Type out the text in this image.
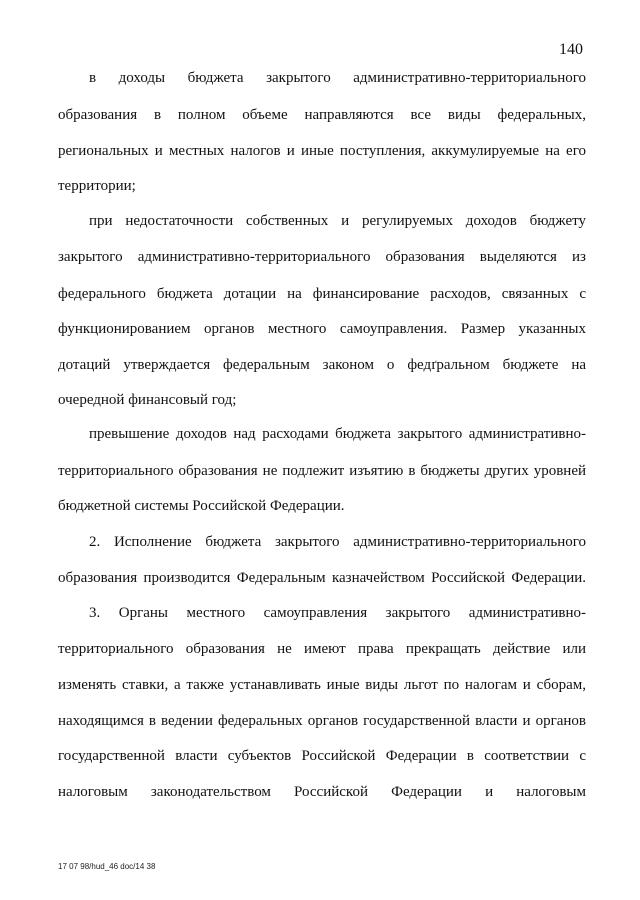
140
в доходы бюджета закрытого административно-территориального
образования в полном объеме направляются все виды федеральных,
региональных и местных налогов и иные поступления, аккумулируемые на его
территории;
при недостаточности собственных и регулируемых доходов бюджету
закрытого административно-территориального образования выделяются из
федерального бюджета дотации на финансирование расходов, связанных с
функционированием органов местного самоуправления. Размер указанных
дотаций утверждается федеральным законом о федґральном бюджете на
очередной финансовый год;
превышение доходов над расходами бюджета закрытого административно-
территориального образования не подлежит изъятию в бюджеты других уровней
бюджетной системы Российской Федерации.
2. Исполнение бюджета закрытого административно-территориального
образования производится Федеральным казначейством Российской Федерации.
3. Органы местного самоуправления закрытого административно-
территориального образования не имеют права прекращать действие или
изменять ставки, а также устанавливать иные виды льгот по налогам и сборам,
находящимся в ведении федеральных органов государственной власти и органов
государственной власти субъектов Российской Федерации в соответствии с
налоговым законодательством Российской Федерации и налоговым
17 07 98/hud_46 doc/14 38
